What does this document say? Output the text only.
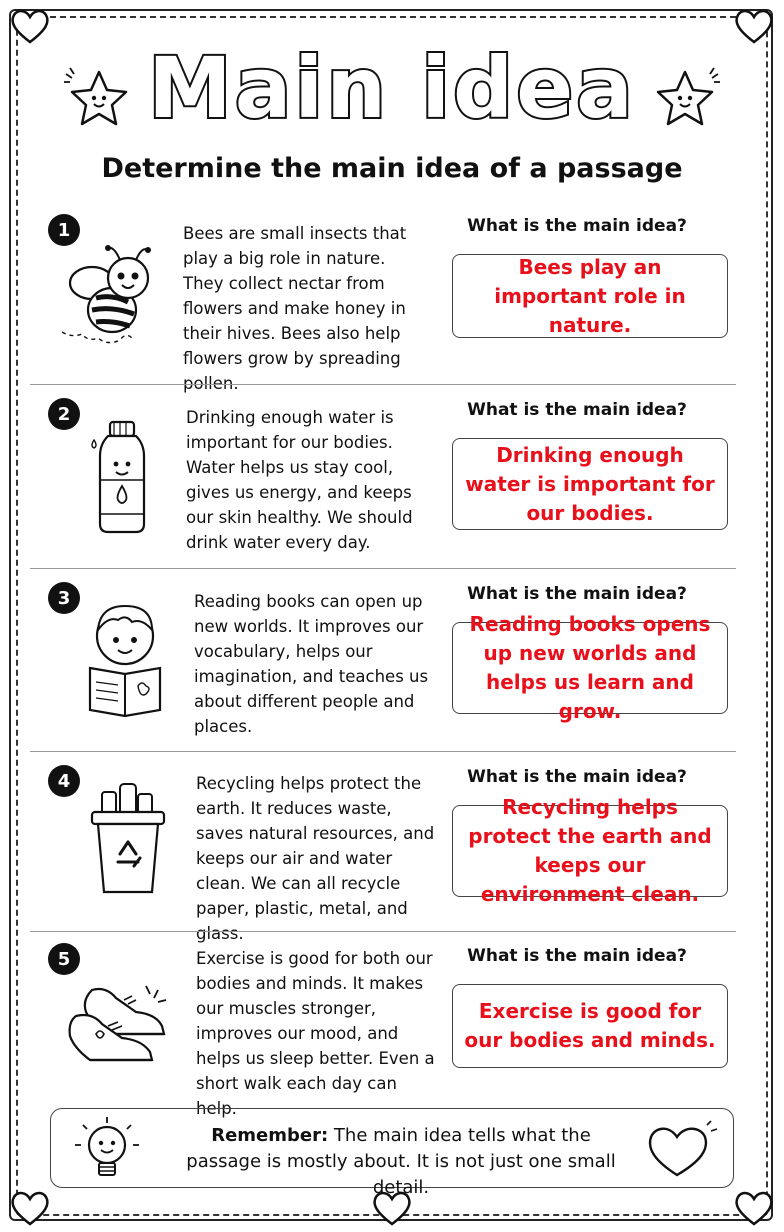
Main idea
Determine the main idea of a passage
1	Bees are small insects that play a big role in nature. They collect nectar from flowers and make honey in their hives. Bees also help flowers grow by spreading pollen.
What is the main idea?
Bees play an important role in nature.
2	Drinking enough water is important for our bodies. Water helps us stay cool, gives us energy, and keeps our skin healthy. We should drink water every day.
What is the main idea?
Drinking enough water is important for our bodies.
3	Reading books can open up new worlds. It improves our vocabulary, helps our imagination, and teaches us about different people and places.
What is the main idea?
Reading books opens up new worlds and helps us learn and grow.
4	Recycling helps protect the earth. It reduces waste, saves natural resources, and keeps our air and water clean. We can all recycle paper, plastic, metal, and glass.
What is the main idea?
Recycling helps protect the earth and keeps our environment clean.
5	Exercise is good for both our bodies and minds. It makes our muscles stronger, improves our mood, and helps us sleep better. Even a short walk each day can help.
What is the main idea?
Exercise is good for our bodies and minds.
Remember: The main idea tells what the passage is mostly about. It is not just one small detail.
